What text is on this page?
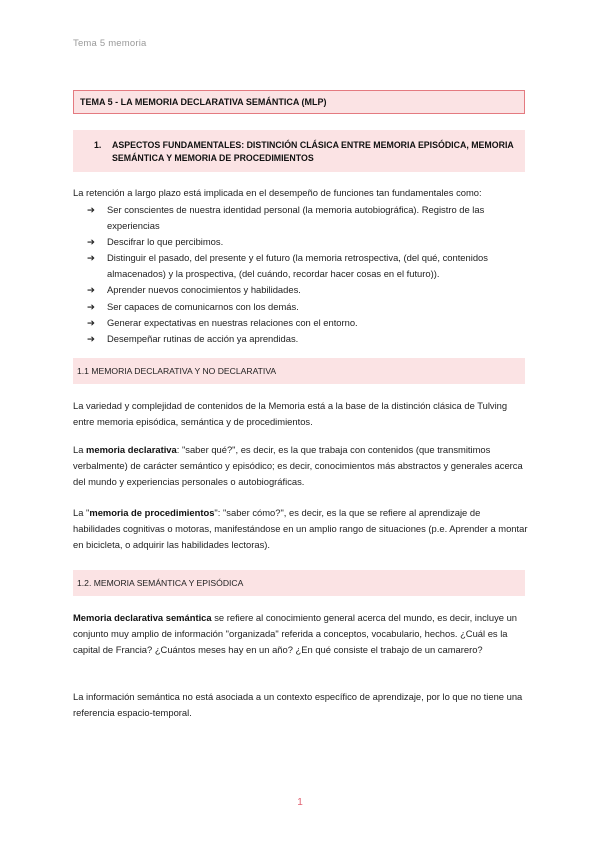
Tema 5 memoria
TEMA 5 - LA MEMORIA DECLARATIVA SEMÁNTICA (MLP)
1. ASPECTOS FUNDAMENTALES: DISTINCIÓN CLÁSICA ENTRE MEMORIA EPISÓDICA, MEMORIA SEMÁNTICA Y MEMORIA DE PROCEDIMIENTOS
La retención a largo plazo está implicada en el desempeño de funciones tan fundamentales como:
➔ Ser conscientes de nuestra identidad personal (la memoria autobiográfica). Registro de las experiencias
➔ Descifrar lo que percibimos.
➔ Distinguir el pasado, del presente y el futuro (la memoria retrospectiva, (del qué, contenidos almacenados) y la prospectiva, (del cuándo, recordar hacer cosas en el futuro)).
➔ Aprender nuevos conocimientos y habilidades.
➔ Ser capaces de comunicarnos con los demás.
➔ Generar expectativas en nuestras relaciones con el entorno.
➔ Desempeñar rutinas de acción ya aprendidas.
1.1 MEMORIA DECLARATIVA Y NO DECLARATIVA
La variedad y complejidad de contenidos de la Memoria está a la base de la distinción clásica de Tulving entre memoria episódica, semántica y de procedimientos.
La memoria declarativa: "saber qué?", es decir, es la que trabaja con contenidos (que transmitimos verbalmente) de carácter semántico y episódico; es decir, conocimientos más abstractos y generales acerca del mundo y experiencias personales o autobiográficas.
La "memoria de procedimientos": "saber cómo?", es decir, es la que se refiere al aprendizaje de habilidades cognitivas o motoras, manifestándose en un amplio rango de situaciones (p.e. Aprender a montar en bicicleta, o adquirir las habilidades lectoras).
1.2. MEMORIA SEMÁNTICA Y EPISÓDICA
Memoria declarativa semántica se refiere al conocimiento general acerca del mundo, es decir, incluye un conjunto muy amplio de información "organizada" referida a conceptos, vocabulario, hechos. ¿Cuál es la capital de Francia? ¿Cuántos meses hay en un año? ¿En qué consiste el trabajo de un camarero?
La información semántica no está asociada a un contexto específico de aprendizaje, por lo que no tiene una referencia espacio-temporal.
1
